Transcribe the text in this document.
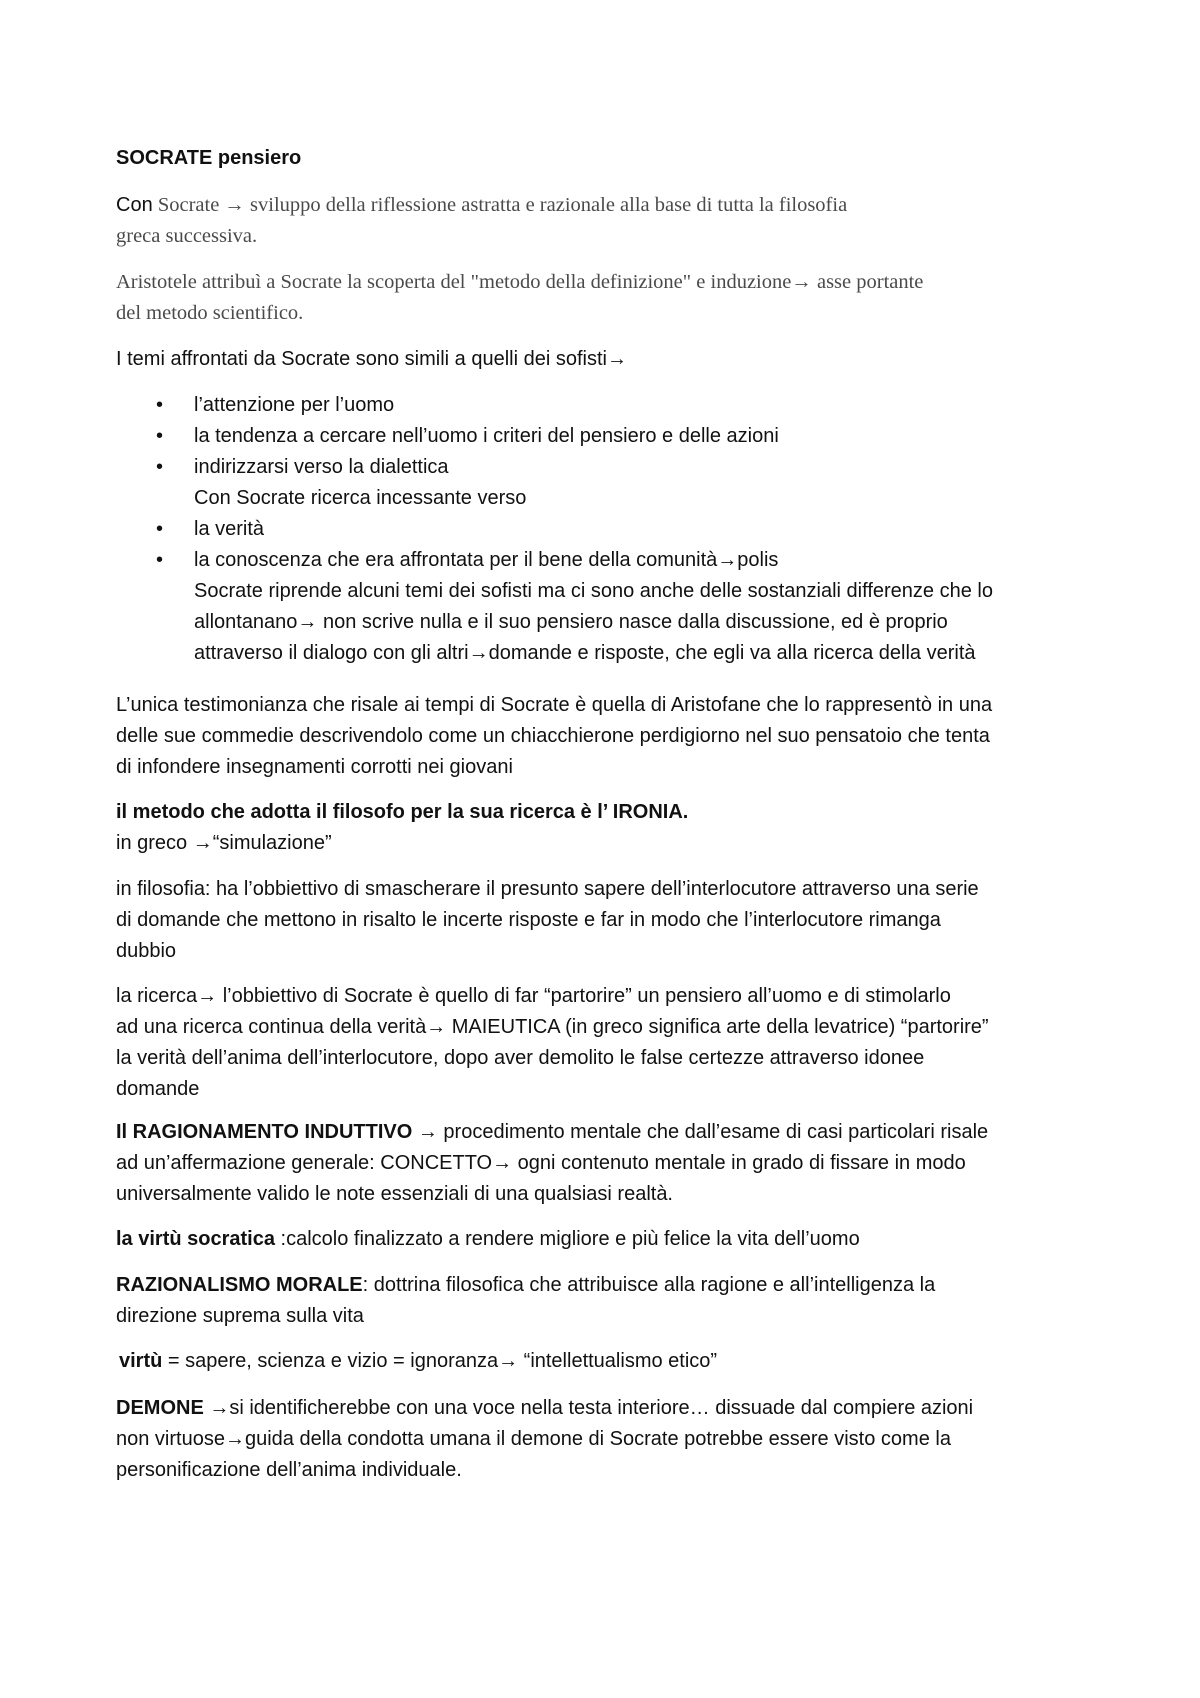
SOCRATE pensiero
Con Socrate → sviluppo della riflessione astratta e razionale alla base di tutta la filosofia
greca successiva.
Aristotele attribuì a Socrate la scoperta del "metodo della definizione" e induzione→ asse portante
del metodo scientifico.
I temi affrontati da Socrate sono simili a quelli dei sofisti→
• l’attenzione per l’uomo
• la tendenza a cercare nell’uomo i criteri del pensiero e delle azioni
• indirizzarsi verso la dialettica
Con Socrate ricerca incessante verso
• la verità
• la conoscenza che era affrontata per il bene della comunità→polis
Socrate riprende alcuni temi dei sofisti ma ci sono anche delle sostanziali differenze che lo
allontanano→ non scrive nulla e il suo pensiero nasce dalla discussione, ed è proprio
attraverso il dialogo con gli altri→domande e risposte, che egli va alla ricerca della verità
L’unica testimonianza che risale ai tempi di Socrate è quella di Aristofane che lo rappresentò in una
delle sue commedie descrivendolo come un chiacchierone perdigiorno nel suo pensatoio che tenta
di infondere insegnamenti corrotti nei giovani
il metodo che adotta il filosofo per la sua ricerca è l’ IRONIA.
in greco →“simulazione”
in filosofia: ha l’obbiettivo di smascherare il presunto sapere dell’interlocutore attraverso una serie
di domande che mettono in risalto le incerte risposte e far in modo che l’interlocutore rimanga
dubbio
la ricerca→ l’obbiettivo di Socrate è quello di far “partorire” un pensiero all’uomo e di stimolarlo
ad una ricerca continua della verità→ MAIEUTICA (in greco significa arte della levatrice) “partorire”
la verità dell’anima dell’interlocutore, dopo aver demolito le false certezze attraverso idonee
domande
Il RAGIONAMENTO INDUTTIVO → procedimento mentale che dall’esame di casi particolari risale
ad un’affermazione generale: CONCETTO→ ogni contenuto mentale in grado di fissare in modo
universalmente valido le note essenziali di una qualsiasi realtà.
la virtù socratica :calcolo finalizzato a rendere migliore e più felice la vita dell’uomo
RAZIONALISMO MORALE: dottrina filosofica che attribuisce alla ragione e all’intelligenza la
direzione suprema sulla vita
virtù = sapere, scienza e vizio = ignoranza→ “intellettualismo etico”
DEMONE →si identificherebbe con una voce nella testa interiore… dissuade dal compiere azioni
non virtuose→guida della condotta umana il demone di Socrate potrebbe essere visto come la
personificazione dell’anima individuale.
